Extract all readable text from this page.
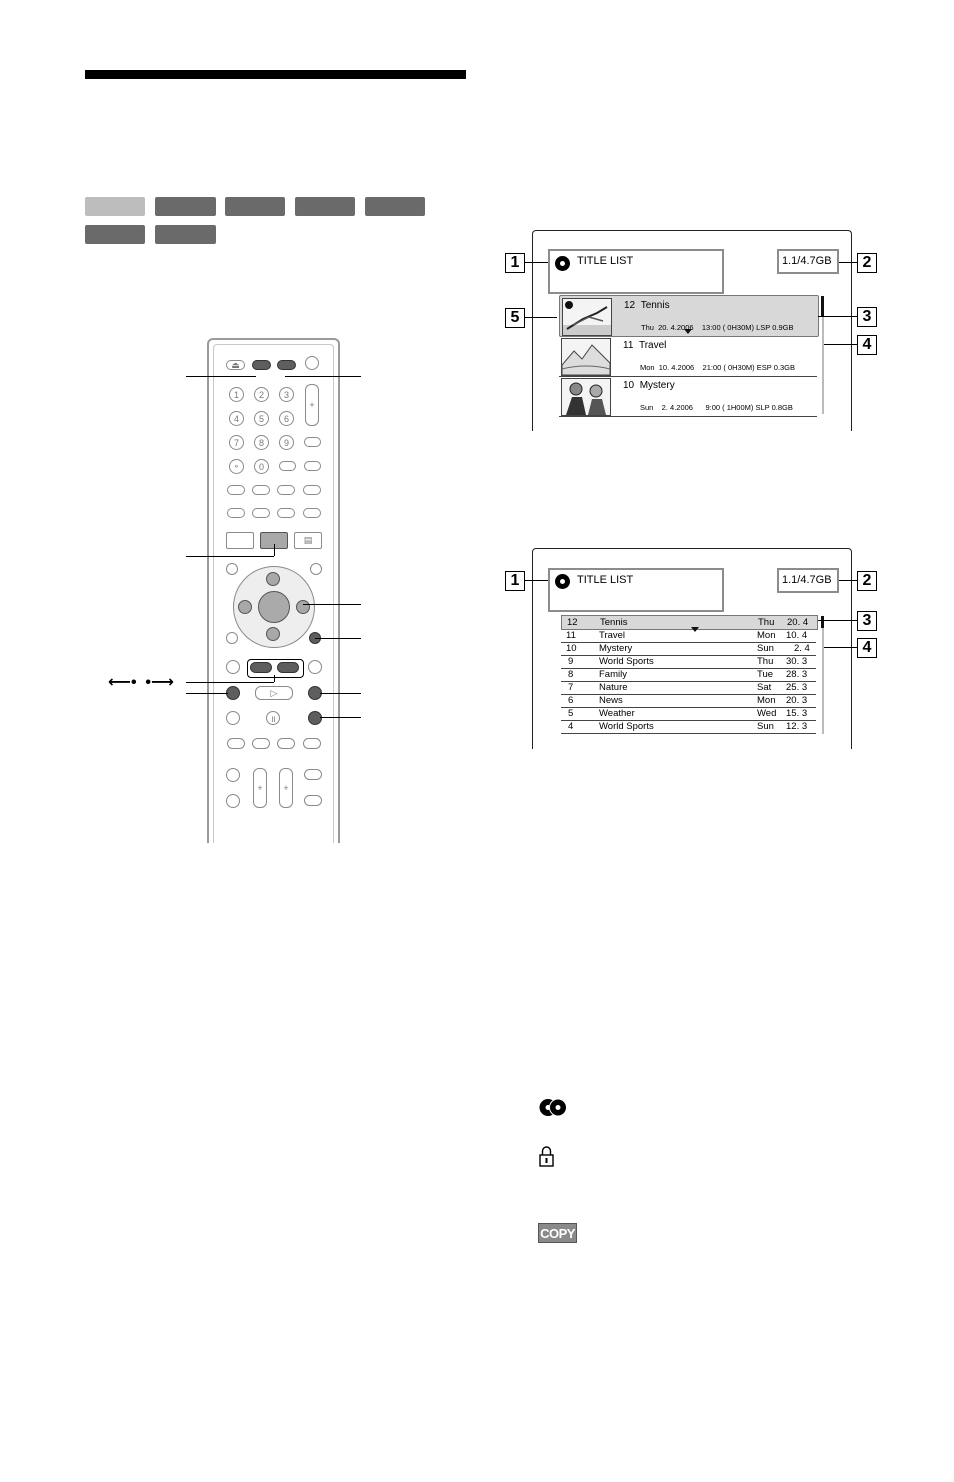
⏏
1	2	3
4	5	6
7	8	9
∘	0
+
▤
⟵•  •⟶
▷
॥
+	+
1	TITLE LIST	1.1/4.7GB	2
5
12 Tennis
Thu  20. 4.2006    13:00 ( 0H30M) LSP 0.9GB
11 Travel
Mon  10. 4.2006    21:00 ( 0H30M) ESP 0.3GB
10 Mystery
Sun    2. 4.2006      9:00 ( 1H00M) SLP 0.8GB
3
4
1	TITLE LIST	1.1/4.7GB	2
12 Tennis	Thu 20. 4
11 Travel	Mon 10. 4
10 Mystery	Sun 2. 4
9	World Sports	Thu 30. 3
8	Family	Tue 28. 3
7	Nature	Sat 25. 3
6	News	Mon 20. 3
5	Weather	Wed 15. 3
4	World Sports	Sun 12. 3
3
4
COPY
